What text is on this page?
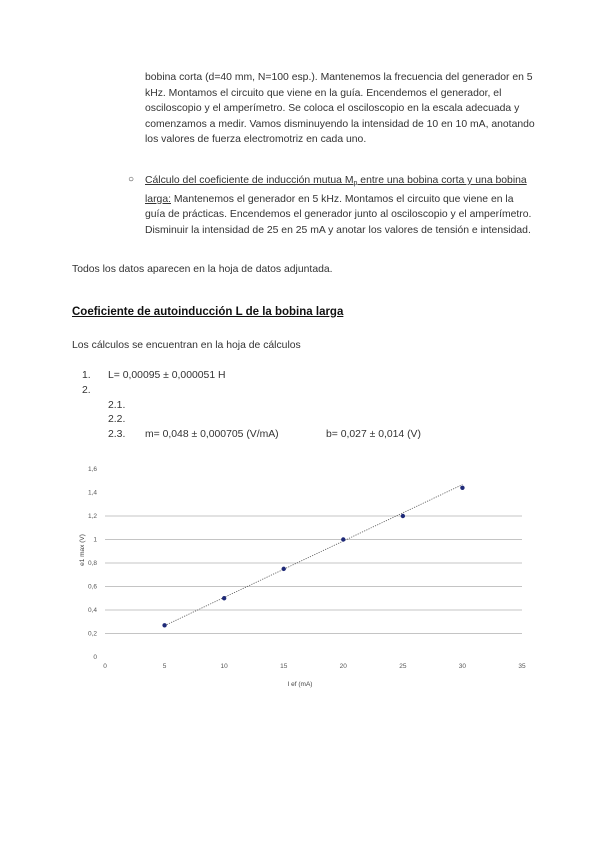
bobina corta (d=40 mm, N=100 esp.). Mantenemos la frecuencia del generador en 5 kHz. Montamos el circuito que viene en la guía. Encendemos el generador, el osciloscopio y el amperímetro. Se coloca el osciloscopio en la escala adecuada y comenzamos a medir. Vamos disminuyendo la intensidad de 10 en 10 mA, anotando los valores de fuerza electromotriz en cada uno.
○ Cálculo del coeficiente de inducción mutua $M_p$ entre una bobina corta y una bobina larga: Mantenemos el generador en 5 kHz. Montamos el circuito que viene en la guía de prácticas. Encendemos el generador junto al osciloscopio y el amperímetro. Disminuir la intensidad de 25 en 25 mA y anotar los valores de tensión e intensidad.
Todos los datos aparecen en la hoja de datos adjuntada.
Coeficiente de autoinducción L de la bobina larga
Los cálculos se encuentran en la hoja de cálculos
1. L= 0,00095 ± 0,000051 H
2.
2.1.
2.2.
2.3. m= 0,048 ± 0,000705 (V/mA)	b= 0,027 ± 0,014 (V)
0
0,2
0,4
0,6
0,8
1
1,2
1,4
1,6
0	5	10	15	20	25	30	35
I ef (mA)
e1 max (V)
